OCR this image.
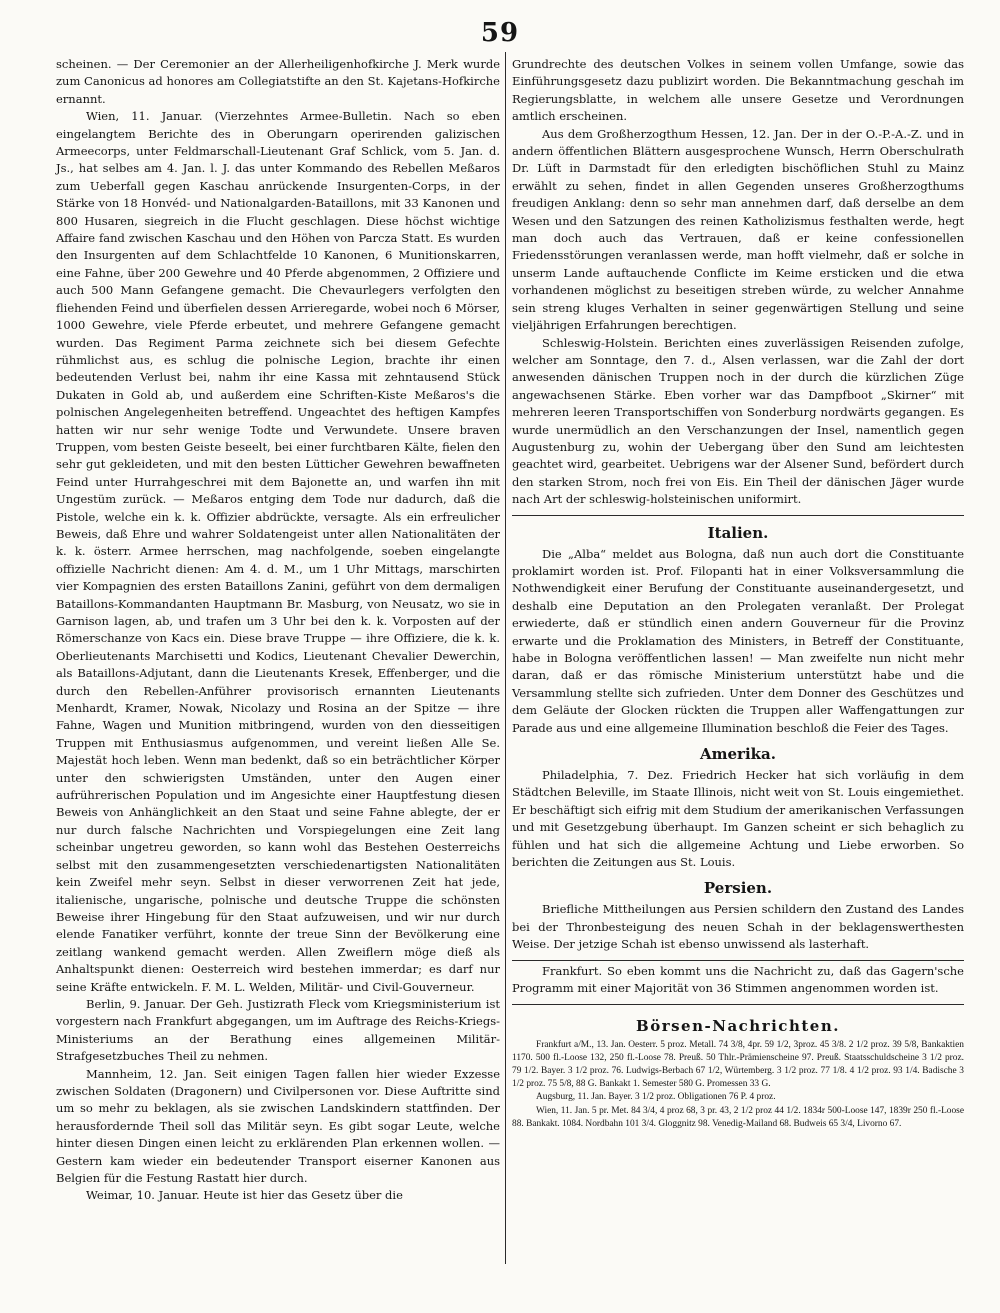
59

scheinen. — Der Ceremonier an der Allerheiligenhofkirche J. Merk wurde zum Canonicus ad honores am Collegiatstifte an den St. Kajetans-Hofkirche ernannt.

Wien, 11. Januar. (Vierzehntes Armee-Bulletin. Nach so eben eingelangtem Berichte des in Oberungarn operirenden galizischen Armeecorps, unter Feldmarschall-Lieutenant Graf Schlick, vom 5. Jan. d. Js., hat selbes am 4. Jan. l. J. das unter Kommando des Rebellen Meßaros zum Ueberfall gegen Kaschau anrückende Insurgenten-Corps, in der Stärke von 18 Honvéd- und Nationalgarden-Bataillons, mit 33 Kanonen und 800 Husaren, siegreich in die Flucht geschlagen. Diese höchst wichtige Affaire fand zwischen Kaschau und den Höhen von Parcza Statt. Es wurden den Insurgenten auf dem Schlachtfelde 10 Kanonen, 6 Munitionskarren, eine Fahne, über 200 Gewehre und 40 Pferde abgenommen, 2 Offiziere und auch 500 Mann Gefangene gemacht. Die Chevaurlegers verfolgten den fliehenden Feind und überfielen dessen Arrieregarde, wobei noch 6 Mörser, 1000 Gewehre, viele Pferde erbeutet, und mehrere Gefangene gemacht wurden. Das Regiment Parma zeichnete sich bei diesem Gefechte rühmlichst aus, es schlug die polnische Legion, brachte ihr einen bedeutenden Verlust bei, nahm ihr eine Kassa mit zehntausend Stück Dukaten in Gold ab, und außerdem eine Schriften-Kiste Meßaros's die polnischen Angelegenheiten betreffend. Ungeachtet des heftigen Kampfes hatten wir nur sehr wenige Todte und Verwundete. Unsere braven Truppen, vom besten Geiste beseelt, bei einer furchtbaren Kälte, fielen den sehr gut gekleideten, und mit den besten Lütticher Gewehren bewaffneten Feind unter Hurrahgeschrei mit dem Bajonette an, und warfen ihn mit Ungestüm zurück. — Meßaros entging dem Tode nur dadurch, daß die Pistole, welche ein k. k. Offizier abdrückte, versagte. Als ein erfreulicher Beweis, daß Ehre und wahrer Soldatengeist unter allen Nationalitäten der k. k. österr. Armee herrschen, mag nachfolgende, soeben eingelangte offizielle Nachricht dienen: Am 4. d. M., um 1 Uhr Mittags, marschirten vier Kompagnien des ersten Bataillons Zanini, geführt von dem dermaligen Bataillons-Kommandanten Hauptmann Br. Masburg, von Neusatz, wo sie in Garnison lagen, ab, und trafen um 3 Uhr bei den k. k. Vorposten auf der Römerschanze von Kacs ein. Diese brave Truppe — ihre Offiziere, die k. k. Oberlieutenants Marchisetti und Kodics, Lieutenant Chevalier Dewerchin, als Bataillons-Adjutant, dann die Lieutenants Kresek, Effenberger, und die durch den Rebellen-Anführer provisorisch ernannten Lieutenants Menhardt, Kramer, Nowak, Nicolazy und Rosina an der Spitze — ihre Fahne, Wagen und Munition mitbringend, wurden von den diesseitigen Truppen mit Enthusiasmus aufgenommen, und vereint ließen Alle Se. Majestät hoch leben. Wenn man bedenkt, daß so ein beträchtlicher Körper unter den schwierigsten Umständen, unter den Augen einer aufrührerischen Population und im Angesichte einer Hauptfestung diesen Beweis von Anhänglichkeit an den Staat und seine Fahne ablegte, der er nur durch falsche Nachrichten und Vorspiegelungen eine Zeit lang scheinbar ungetreu geworden, so kann wohl das Bestehen Oesterreichs selbst mit den zusammengesetzten verschiedenartigsten Nationalitäten kein Zweifel mehr seyn. Selbst in dieser verworrenen Zeit hat jede, italienische, ungarische, polnische und deutsche Truppe die schönsten Beweise ihrer Hingebung für den Staat aufzuweisen, und wir nur durch elende Fanatiker verführt, konnte der treue Sinn der Bevölkerung eine zeitlang wankend gemacht werden. Allen Zweiflern möge dieß als Anhaltspunkt dienen: Oesterreich wird bestehen immerdar; es darf nur seine Kräfte entwickeln. F. M. L. Welden, Militär- und Civil-Gouverneur.

Berlin, 9. Januar. Der Geh. Justizrath Fleck vom Kriegsministerium ist vorgestern nach Frankfurt abgegangen, um im Auftrage des Reichs-Kriegs-Ministeriums an der Berathung eines allgemeinen Militär-Strafgesetzbuches Theil zu nehmen.

Mannheim, 12. Jan. Seit einigen Tagen fallen hier wieder Exzesse zwischen Soldaten (Dragonern) und Civilpersonen vor. Diese Auftritte sind um so mehr zu beklagen, als sie zwischen Landskindern stattfinden. Der herausfordernde Theil soll das Militär seyn. Es gibt sogar Leute, welche hinter diesen Dingen einen leicht zu erklärenden Plan erkennen wollen. — Gestern kam wieder ein bedeutender Transport eiserner Kanonen aus Belgien für die Festung Rastatt hier durch.

Weimar, 10. Januar. Heute ist hier das Gesetz über die

Grundrechte des deutschen Volkes in seinem vollen Umfange, sowie das Einführungsgesetz dazu publizirt worden. Die Bekanntmachung geschah im Regierungsblatte, in welchem alle unsere Gesetze und Verordnungen amtlich erscheinen.

Aus dem Großherzogthum Hessen, 12. Jan. Der in der O.-P.-A.-Z. und in andern öffentlichen Blättern ausgesprochene Wunsch, Herrn Oberschulrath Dr. Lüft in Darmstadt für den erledigten bischöflichen Stuhl zu Mainz erwählt zu sehen, findet in allen Gegenden unseres Großherzogthums freudigen Anklang: denn so sehr man annehmen darf, daß derselbe an dem Wesen und den Satzungen des reinen Katholizismus festhalten werde, hegt man doch auch das Vertrauen, daß er keine confessionellen Friedensstörungen veranlassen werde, man hofft vielmehr, daß er solche in unserm Lande auftauchende Conflicte im Keime ersticken und die etwa vorhandenen möglichst zu beseitigen streben würde, zu welcher Annahme sein streng kluges Verhalten in seiner gegenwärtigen Stellung und seine vieljährigen Erfahrungen berechtigen.

Schleswig-Holstein. Berichten eines zuverlässigen Reisenden zufolge, welcher am Sonntage, den 7. d., Alsen verlassen, war die Zahl der dort anwesenden dänischen Truppen noch in der durch die kürzlichen Züge angewachsenen Stärke. Eben vorher war das Dampfboot „Skirner“ mit mehreren leeren Transportschiffen von Sonderburg nordwärts gegangen. Es wurde unermüdlich an den Verschanzungen der Insel, namentlich gegen Augustenburg zu, wohin der Uebergang über den Sund am leichtesten geachtet wird, gearbeitet. Uebrigens war der Alsener Sund, befördert durch den starken Strom, noch frei von Eis. Ein Theil der dänischen Jäger wurde nach Art der schleswig-holsteinischen uniformirt.

Italien.

Die „Alba“ meldet aus Bologna, daß nun auch dort die Constituante proklamirt worden ist. Prof. Filopanti hat in einer Volksversammlung die Nothwendigkeit einer Berufung der Constituante auseinandergesetzt, und deshalb eine Deputation an den Prolegaten veranlaßt. Der Prolegat erwiederte, daß er stündlich einen andern Gouverneur für die Provinz erwarte und die Proklamation des Ministers, in Betreff der Constituante, habe in Bologna veröffentlichen lassen! — Man zweifelte nun nicht mehr daran, daß er das römische Ministerium unterstützt habe und die Versammlung stellte sich zufrieden. Unter dem Donner des Geschützes und dem Geläute der Glocken rückten die Truppen aller Waffengattungen zur Parade aus und eine allgemeine Illumination beschloß die Feier des Tages.

Amerika.

Philadelphia, 7. Dez. Friedrich Hecker hat sich vorläufig in dem Städtchen Beleville, im Staate Illinois, nicht weit von St. Louis eingemiethet. Er beschäftigt sich eifrig mit dem Studium der amerikanischen Verfassungen und mit Gesetzgebung überhaupt. Im Ganzen scheint er sich behaglich zu fühlen und hat sich die allgemeine Achtung und Liebe erworben. So berichten die Zeitungen aus St. Louis.

Persien.

Briefliche Mittheilungen aus Persien schildern den Zustand des Landes bei der Thronbesteigung des neuen Schah in der beklagenswerthesten Weise. Der jetzige Schah ist ebenso unwissend als lasterhaft.

Frankfurt. So eben kommt uns die Nachricht zu, daß das Gagern'sche Programm mit einer Majorität von 36 Stimmen angenommen worden ist.

Börsen-Nachrichten.

Frankfurt a/M., 13. Jan. Oesterr. 5 proz. Metall. 74 3/8, 4pr. 59 1/2, 3proz. 45 3/8. 2 1/2 proz. 39 5/8, Bankaktien 1170. 500 fl.-Loose 132, 250 fl.-Loose 78. Preuß. 50 Thlr.-Prämienscheine 97. Preuß. Staatsschuldscheine 3 1/2 proz. 79 1/2. Bayer. 3 1/2 proz. 76. Ludwigs-Berbach 67 1/2, Würtemberg. 3 1/2 proz. 77 1/8. 4 1/2 proz. 93 1/4. Badische 3 1/2 proz. 75 5/8, 88 G. Bankakt 1. Semester 580 G. Promessen 33 G.

Augsburg, 11. Jan. Bayer. 3 1/2 proz. Obligationen 76 P. 4 proz.

Wien, 11. Jan. 5 pr. Met. 84 3/4, 4 proz 68, 3 pr. 43, 2 1/2 proz 44 1/2. 1834r 500-Loose 147, 1839r 250 fl.-Loose 88. Bankakt. 1084. Nordbahn 101 3/4. Gloggnitz 98. Venedig-Mailand 68. Budweis 65 3/4, Livorno 67.
